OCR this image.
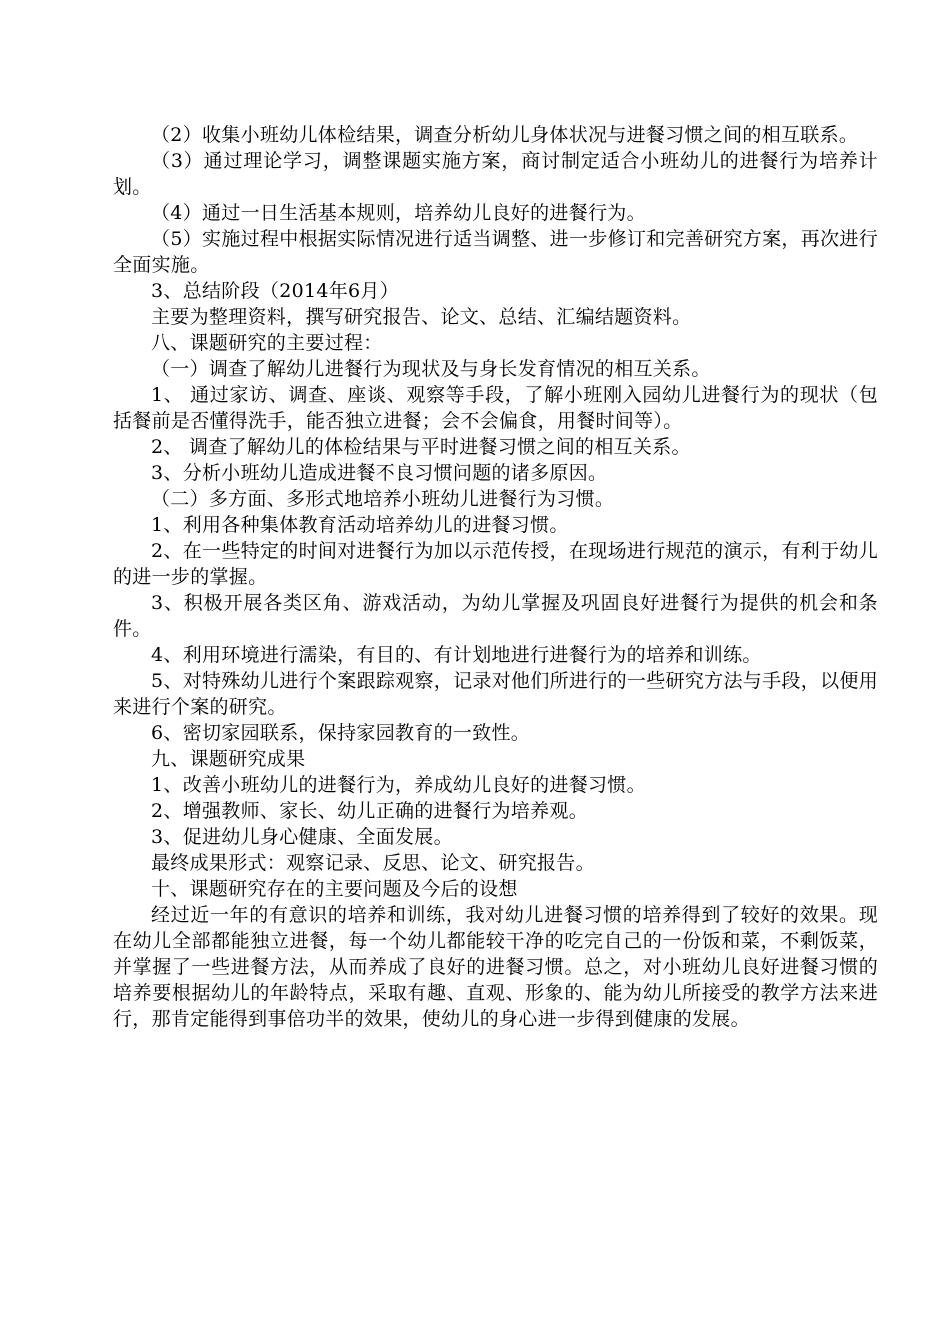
（2）收集小班幼儿体检结果，调查分析幼儿身体状况与进餐习惯之间的相互联系。

（3）通过理论学习，调整课题实施方案，商讨制定适合小班幼儿的进餐行为培养计划。

（4）通过一日生活基本规则，培养幼儿良好的进餐行为。

（5）实施过程中根据实际情况进行适当调整、进一步修订和完善研究方案，再次进行全面实施。

3、总结阶段（2014年6月）

主要为整理资料，撰写研究报告、论文、总结、汇编结题资料。

八、课题研究的主要过程：

（一）调查了解幼儿进餐行为现状及与身长发育情况的相互关系。

1、 通过家访、调查、座谈、观察等手段，了解小班刚入园幼儿进餐行为的现状（包括餐前是否懂得洗手，能否独立进餐；会不会偏食，用餐时间等）。

2、 调查了解幼儿的体检结果与平时进餐习惯之间的相互关系。

3、分析小班幼儿造成进餐不良习惯问题的诸多原因。

（二）多方面、多形式地培养小班幼儿进餐行为习惯。

1、利用各种集体教育活动培养幼儿的进餐习惯。

2、在一些特定的时间对进餐行为加以示范传授，在现场进行规范的演示，有利于幼儿的进一步的掌握。

3、积极开展各类区角、游戏活动，为幼儿掌握及巩固良好进餐行为提供的机会和条件。

4、利用环境进行濡染，有目的、有计划地进行进餐行为的培养和训练。

5、对特殊幼儿进行个案跟踪观察，记录对他们所进行的一些研究方法与手段，以便用来进行个案的研究。

6、密切家园联系，保持家园教育的一致性。

九、课题研究成果

1、改善小班幼儿的进餐行为，养成幼儿良好的进餐习惯。

2、增强教师、家长、幼儿正确的进餐行为培养观。

3、促进幼儿身心健康、全面发展。

最终成果形式：观察记录、反思、论文、研究报告。

十、课题研究存在的主要问题及今后的设想

经过近一年的有意识的培养和训练，我对幼儿进餐习惯的培养得到了较好的效果。现在幼儿全部都能独立进餐，每一个幼儿都能较干净的吃完自己的一份饭和菜，不剩饭菜，并掌握了一些进餐方法，从而养成了良好的进餐习惯。总之，对小班幼儿良好进餐习惯的培养要根据幼儿的年龄特点，采取有趣、直观、形象的、能为幼儿所接受的教学方法来进行，那肯定能得到事倍功半的效果，使幼儿的身心进一步得到健康的发展。
